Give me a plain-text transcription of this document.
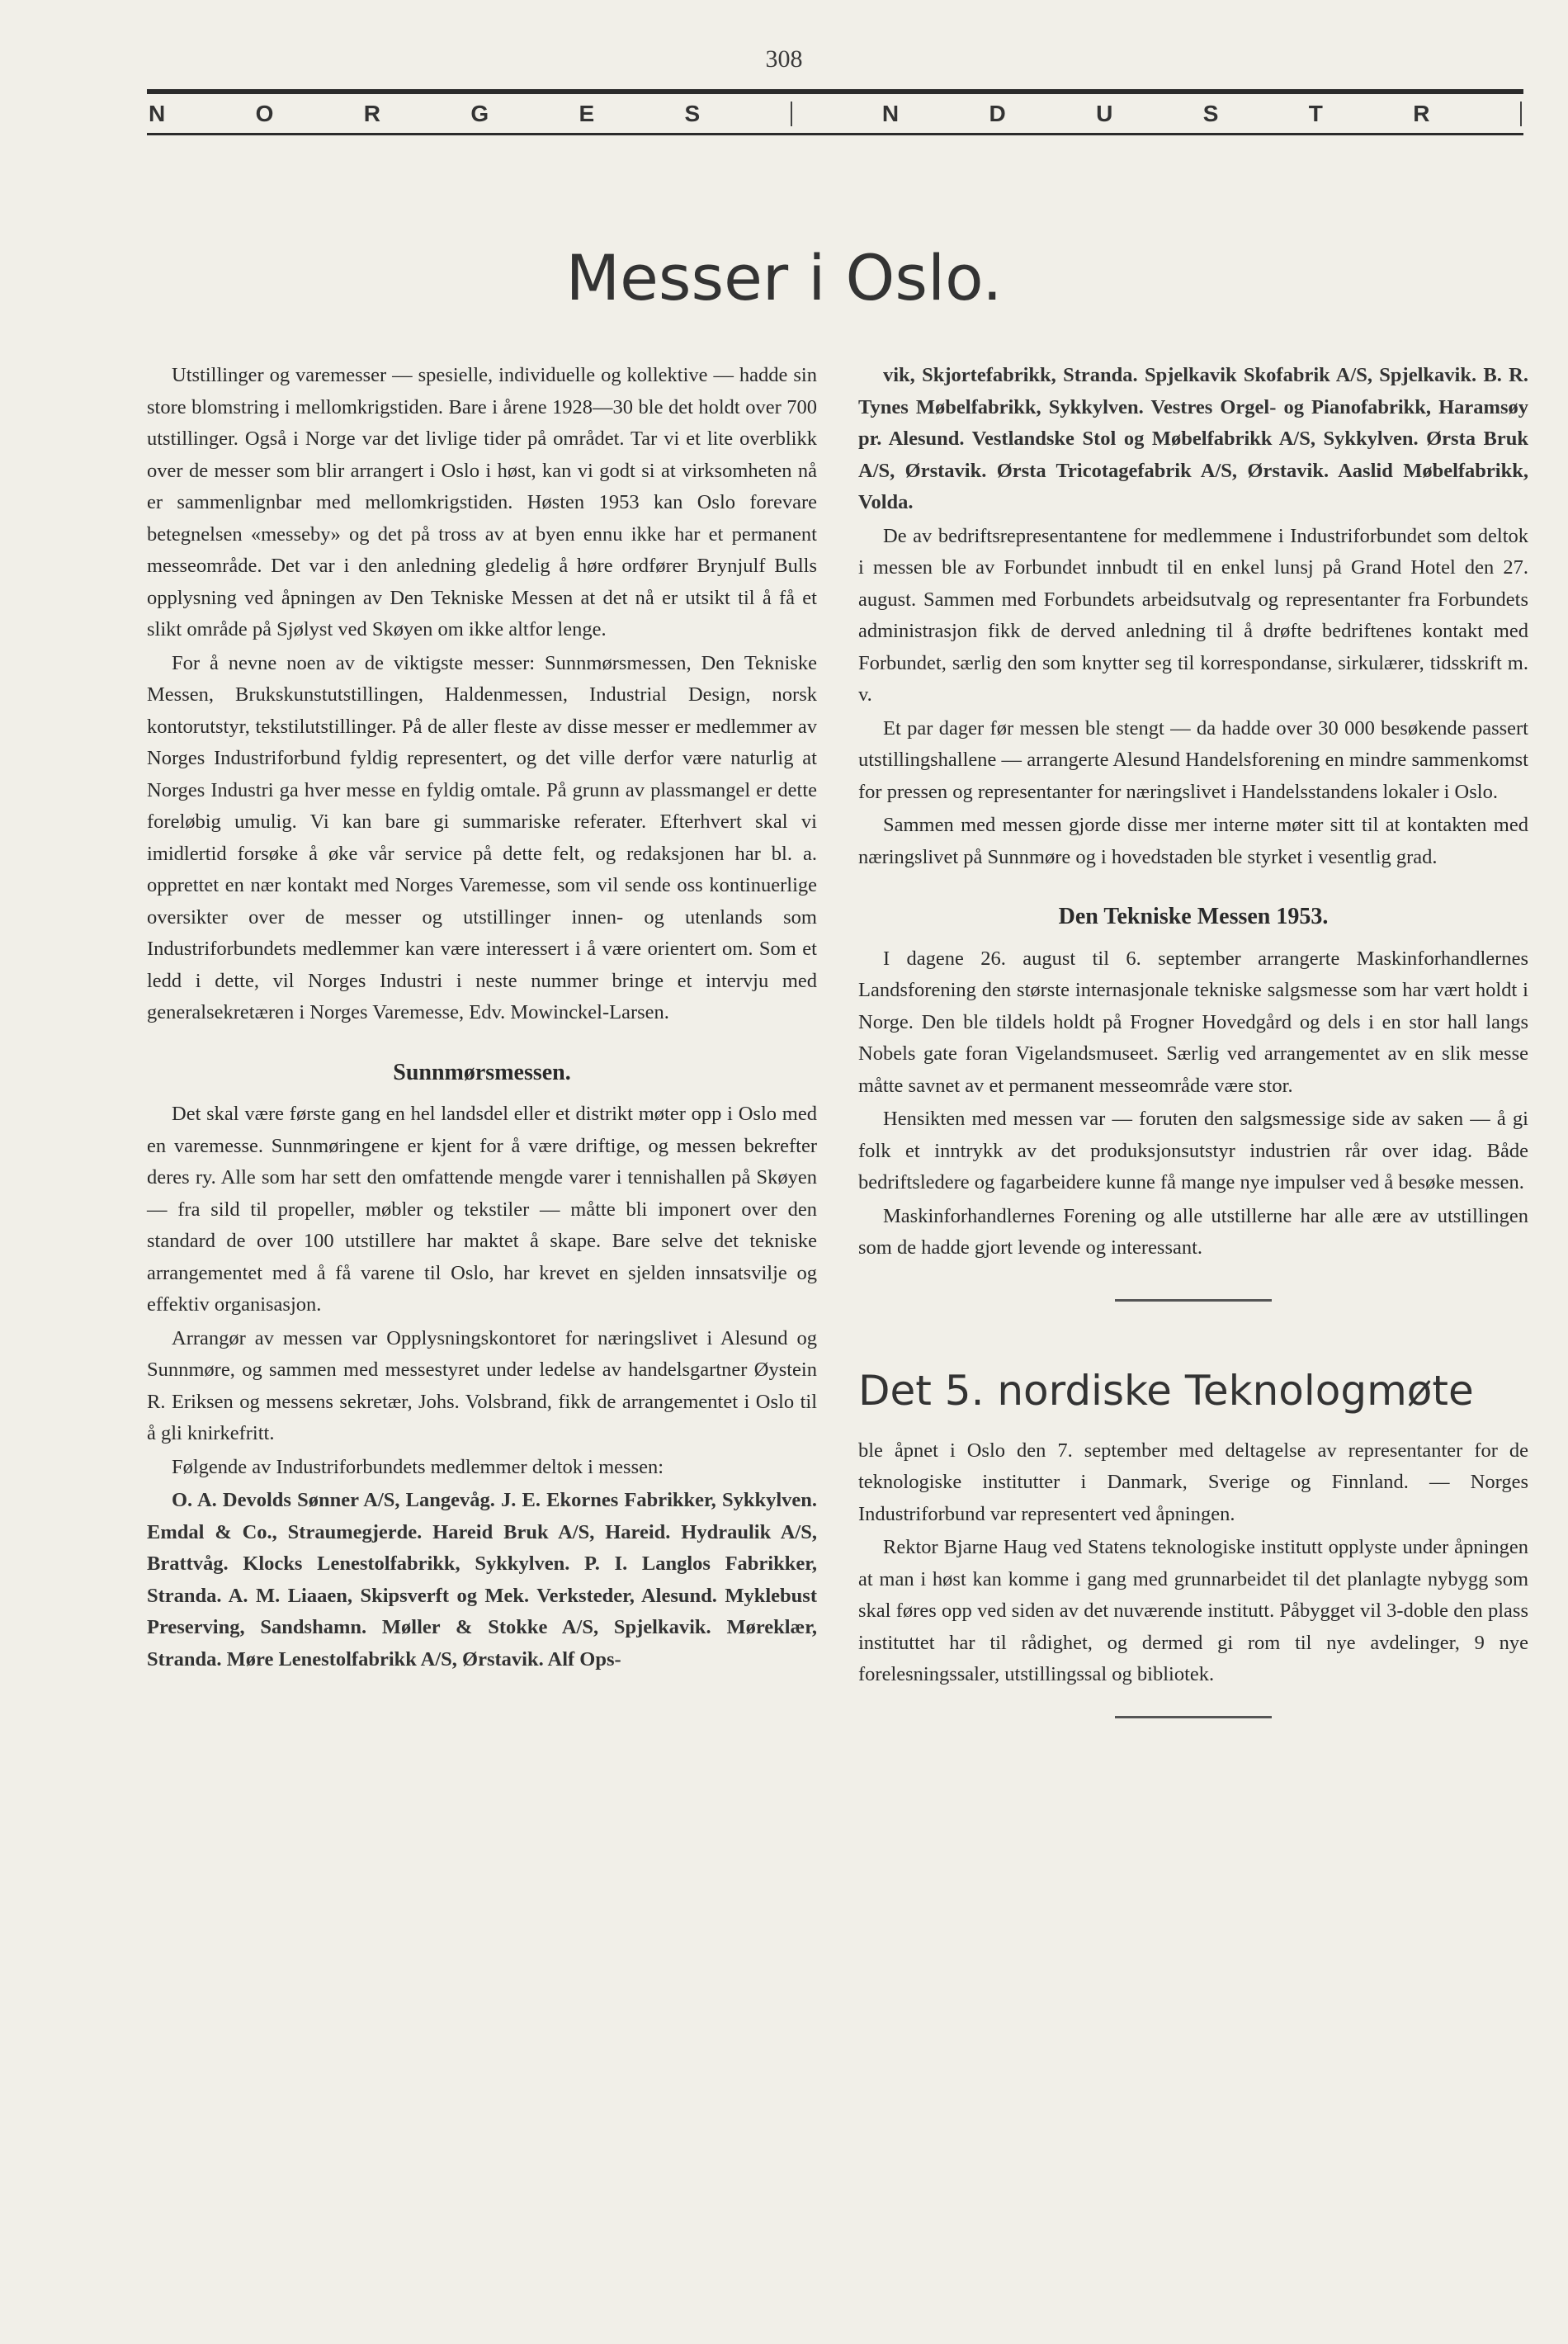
308
N	O	R	G	E	S	N	D	U	S	T	R
Messer i Oslo.

Utstillinger og varemesser — spesielle, individuelle og kollektive — hadde sin store blomstring i mellomkrigstiden. Bare i årene 1928—30 ble det holdt over 700 utstillinger. Også i Norge var det livlige tider på området. Tar vi et lite overblikk over de messer som blir arrangert i Oslo i høst, kan vi godt si at virksomheten nå er sammenlignbar med mellomkrigstiden. Høsten 1953 kan Oslo forevare betegnelsen «messeby» og det på tross av at byen ennu ikke har et permanent messeområde. Det var i den anledning gledelig å høre ordfører Brynjulf Bulls opplysning ved åpningen av Den Tekniske Messen at det nå er utsikt til å få et slikt område på Sjølyst ved Skøyen om ikke altfor lenge.

For å nevne noen av de viktigste messer: Sunnmørsmessen, Den Tekniske Messen, Brukskunstutstillingen, Haldenmessen, Industrial Design, norsk kontorutstyr, tekstilutstillinger. På de aller fleste av disse messer er medlemmer av Norges Industriforbund fyldig representert, og det ville derfor være naturlig at Norges Industri ga hver messe en fyldig omtale. På grunn av plassmangel er dette foreløbig umulig. Vi kan bare gi summariske referater. Efterhvert skal vi imidlertid forsøke å øke vår service på dette felt, og redaksjonen har bl. a. opprettet en nær kontakt med Norges Varemesse, som vil sende oss kontinuerlige oversikter over de messer og utstillinger innen- og utenlands som Industriforbundets medlemmer kan være interessert i å være orientert om. Som et ledd i dette, vil Norges Industri i neste nummer bringe et intervju med generalsekretæren i Norges Varemesse, Edv. Mowinckel-Larsen.

Sunnmørsmessen.

Det skal være første gang en hel landsdel eller et distrikt møter opp i Oslo med en varemesse. Sunnmøringene er kjent for å være driftige, og messen bekrefter deres ry. Alle som har sett den omfattende mengde varer i tennishallen på Skøyen — fra sild til propeller, møbler og tekstiler — måtte bli imponert over den standard de over 100 utstillere har maktet å skape. Bare selve det tekniske arrangementet med å få varene til Oslo, har krevet en sjelden innsatsvilje og effektiv organisasjon.

Arrangør av messen var Opplysningskontoret for næringslivet i Alesund og Sunnmøre, og sammen med messestyret under ledelse av handelsgartner Øystein R. Eriksen og messens sekretær, Johs. Volsbrand, fikk de arrangementet i Oslo til å gli knirkefritt.

Følgende av Industriforbundets medlemmer deltok i messen:

O. A. Devolds Sønner A/S, Langevåg. J. E. Ekornes Fabrikker, Sykkylven. Emdal & Co., Straumegjerde. Hareid Bruk A/S, Hareid. Hydraulik A/S, Brattvåg. Klocks Lenestolfabrikk, Sykkylven. P. I. Langlos Fabrikker, Stranda. A. M. Liaaen, Skipsverft og Mek. Verksteder, Alesund. Myklebust Preserving, Sandshamn. Møller & Stokke A/S, Spjelkavik. Møreklær, Stranda. Møre Lenestolfabrikk A/S, Ørstavik. Alf Ops-

vik, Skjortefabrikk, Stranda. Spjelkavik Skofabrik A/S, Spjelkavik. B. R. Tynes Møbelfabrikk, Sykkylven. Vestres Orgel- og Pianofabrikk, Haramsøy pr. Alesund. Vestlandske Stol og Møbelfabrikk A/S, Sykkylven. Ørsta Bruk A/S, Ørstavik. Ørsta Tricotagefabrik A/S, Ørstavik. Aaslid Møbelfabrikk, Volda.

De av bedriftsrepresentantene for medlemmene i Industriforbundet som deltok i messen ble av Forbundet innbudt til en enkel lunsj på Grand Hotel den 27. august. Sammen med Forbundets arbeidsutvalg og representanter fra Forbundets administrasjon fikk de derved anledning til å drøfte bedriftenes kontakt med Forbundet, særlig den som knytter seg til korrespondanse, sirkulærer, tidsskrift m. v.

Et par dager før messen ble stengt — da hadde over 30 000 besøkende passert utstillingshallene — arrangerte Alesund Handelsforening en mindre sammenkomst for pressen og representanter for næringslivet i Handelsstandens lokaler i Oslo.

Sammen med messen gjorde disse mer interne møter sitt til at kontakten med næringslivet på Sunnmøre og i hovedstaden ble styrket i vesentlig grad.

Den Tekniske Messen 1953.

I dagene 26. august til 6. september arrangerte Maskinforhandlernes Landsforening den største internasjonale tekniske salgsmesse som har vært holdt i Norge. Den ble tildels holdt på Frogner Hovedgård og dels i en stor hall langs Nobels gate foran Vigelandsmuseet. Særlig ved arrangementet av en slik messe måtte savnet av et permanent messeområde være stor.

Hensikten med messen var — foruten den salgsmessige side av saken — å gi folk et inntrykk av det produksjonsutstyr industrien rår over idag. Både bedriftsledere og fagarbeidere kunne få mange nye impulser ved å besøke messen.

Maskinforhandlernes Forening og alle utstillerne har alle ære av utstillingen som de hadde gjort levende og interessant.

Det 5. nordiske Teknologmøte

ble åpnet i Oslo den 7. september med deltagelse av representanter for de teknologiske institutter i Danmark, Sverige og Finnland. — Norges Industriforbund var representert ved åpningen.

Rektor Bjarne Haug ved Statens teknologiske institutt opplyste under åpningen at man i høst kan komme i gang med grunnarbeidet til det planlagte nybygg som skal føres opp ved siden av det nuværende institutt. Påbygget vil 3-doble den plass instituttet har til rådighet, og dermed gi rom til nye avdelinger, 9 nye forelesningssaler, utstillingssal og bibliotek.
